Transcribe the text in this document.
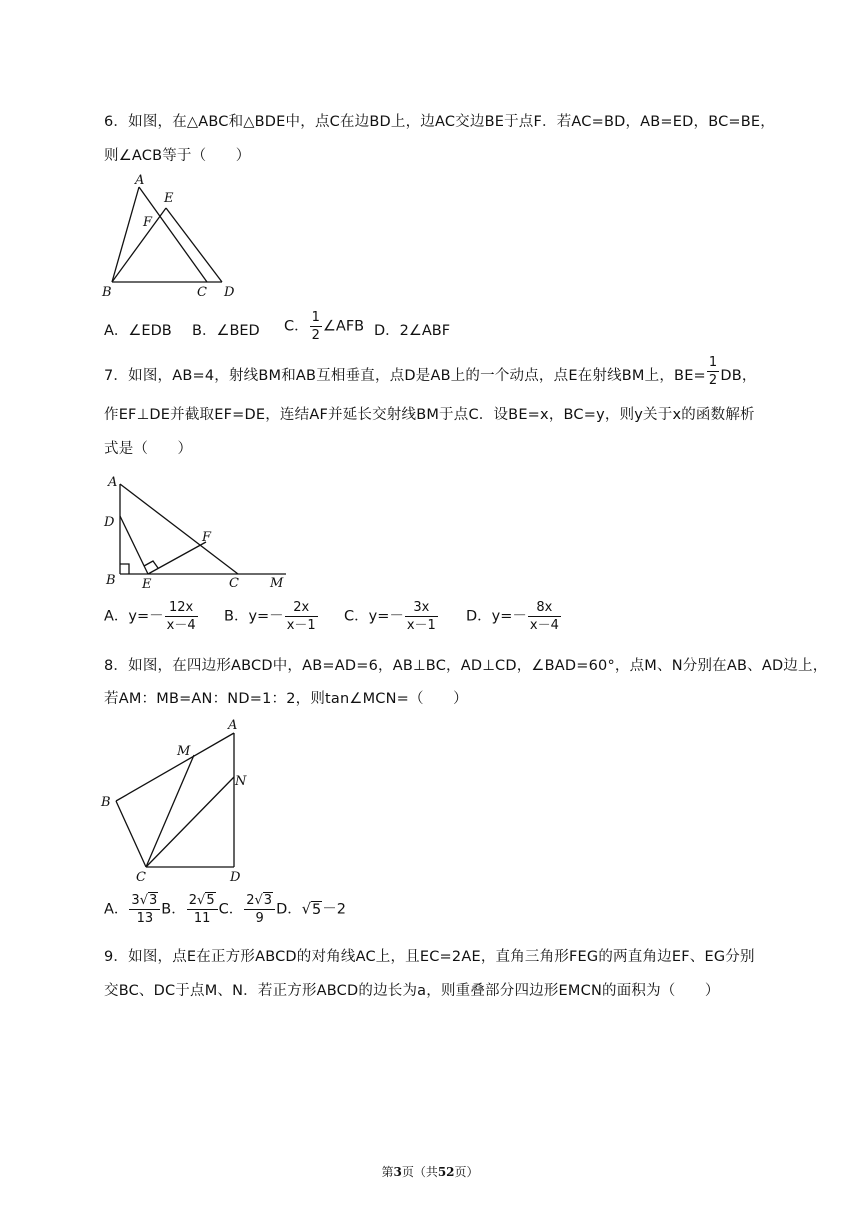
6．如图，在△ABC和△BDE中，点C在边BD上，边AC交边BE于点F．若AC=BD，AB=ED，BC=BE，
则∠ACB等于（　　）
A
E
F
B	C D
A．∠EDB B．∠BED C． $\frac{1}{2}$ ∠AFB D．2∠ABF
7．如图，AB=4，射线BM和AB互相垂直，点D是AB上的一个动点，点E在射线BM上，$BE= \frac{1}{2}$ DB，
作EF⊥DE并截取EF=DE，连结AF并延长交射线BM于点C．设BE=x，BC=y，则y关于x的函数解析
式是（　　）
A
D
F
B E	C M
A．$y=- \frac{12x}{x-4}$ B．$y=- \frac{2x}{x-1}$ C．$y=- \frac{3x}{x-1}$ D．$y=- \frac{8x}{x-4}$
8．如图，在四边形ABCD中，AB=AD=6，AB⊥BC，AD⊥CD，∠BAD=60°，点M、N分别在AB、AD边上，
若AM：MB=AN：ND=1：2，则tan∠MCN=（　　）
A
M
N
B
C	D
A． $\frac{3√3}{13}$ B． $\frac{2√5}{11}$ C． $\frac{2√3}{9}$ D．√5－2
9．如图，点E在正方形ABCD的对角线AC上，且EC=2AE，直角三角形FEG的两直角边EF、EG分别
交BC、DC于点M、N．若正方形ABCD的边长为a，则重叠部分四边形EMCN的面积为（　　）
第3页（共52页）
